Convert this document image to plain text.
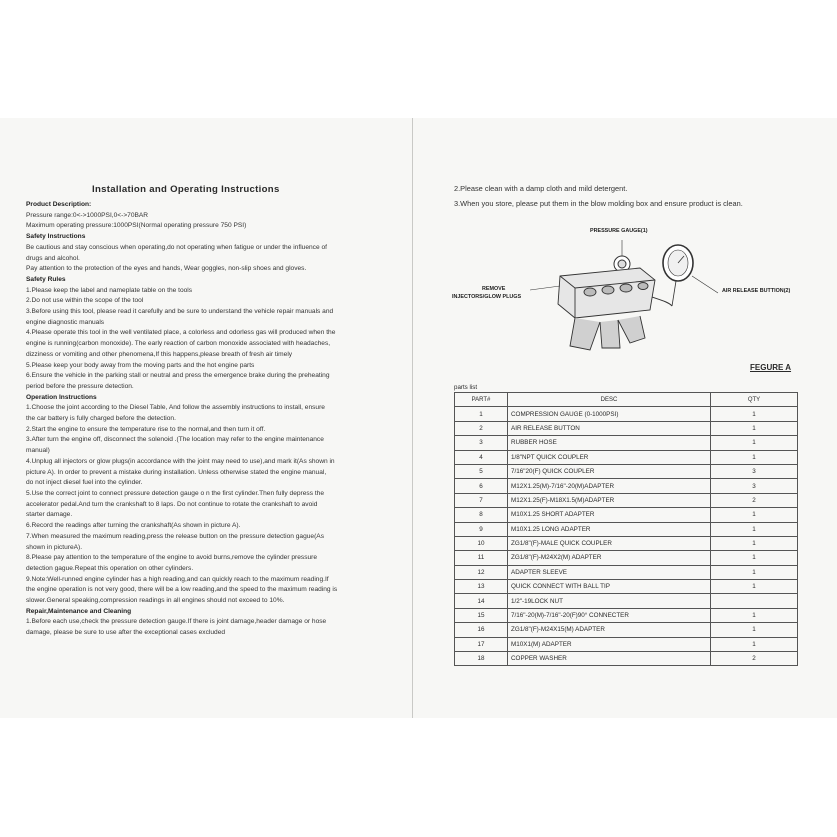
Installation and Operating Instructions
Product Description:
Pressure range:0<->1000PSI,0<->70BAR
Maximum operating pressure:1000PSI(Normal operating pressure 750 PSI)
Safety Instructions
Be cautious and stay conscious when operating,do not operating when fatigue or under the influence of
drugs and alcohol.
Pay attention to the protection of the eyes and hands, Wear goggles, non-slip shoes and gloves.
Safety Rules
1.Please keep the label and nameplate table on the tools
2.Do not use within the scope of the tool
3.Before using this tool, please read it carefully and be sure to understand the vehicle repair manuals and
engine diagnostic manuals
4.Please operate this tool in the well ventilated place, a colorless and odorless gas will produced when the
engine is running(carbon monoxide). The early reaction of carbon monoxide associated with headaches,
dizziness or vomiting and other phenomena,If this happens,please breath of fresh air timely
5.Please keep your body away from the moving parts and the hot engine parts
6.Ensure the vehicle in the parking stall or neutral and press the emergence brake during the preheating
period before the pressure detection.
Operation Instructions
1.Choose the joint according to the Diesel Table, And follow the assembly instructions to install, ensure
the car battery is fully charged before the detection.
2.Start the engine to ensure the temperature rise to the normal,and then turn it off.
3.After turn the engine off, disconnect the solenoid .(The location may refer to the engine maintenance
manual)
4.Unplug all injectors or glow plugs(in accordance with the joint may need to use),and mark it(As shown in
picture A). In order to prevent a mistake during installation. Unless otherwise stated the engine manual,
do not inject diesel fuel into the cylinder.
5.Use the correct joint to connect pressure detection gauge o n the first cylinder.Then fully depress the
accelerator pedal.And turn the crankshaft to 8 laps. Do not continue to rotate the crankshaft to avoid
starter damage.
6.Record the readings after turning the crankshaft(As shown in picture A).
7.When measured the maximum reading,press the release button on the pressure detection gague(As
shown in pictureA).
8.Please pay attention to the temperature of the engine to avoid burns,remove the cylinder pressure
detection gague.Repeat this operation on other cylinders.
9.Note:Well-runned engine cylinder has a high reading,and can quickly reach to the maximum reading.If
the engine operation is not very good, there will be a low reading,and the speed to the maximum reading is
slower.General speaking,compression readings in all engines should not exceed to 10%.
Repair,Maintenance and Cleaning
1.Before each use,check the pressure detection gauge.If there is joint damage,header damage or hose
damage, please be sure to use after the exceptional cases excluded
2.Please clean with a damp cloth and mild detergent.
3.When you store, please put them in the blow molding box and ensure product is clean.
PRESSURE GAUGE(1)
REMOVE
INJECTORS/GLOW PLUGS
AIR RELEASE BUTTION(2)
FEGURE A
parts list
PART#	DESC	QTY
1	COMPRESSION GAUGE (0-1000PSI)	1
2	AIR RELEASE BUTTON	1
3	RUBBER HOSE	1
4	1/8"NPT QUICK COUPLER	1
5	7/16"20(F) QUICK COUPLER	3
6	M12X1.25(M)-7/16"-20(M)ADAPTER	3
7	M12X1.25(F)-M18X1.5(M)ADAPTER	2
8	M10X1.25 SHORT ADAPTER	1
9	M10X1.25 LONG ADAPTER	1
10	ZG1/8"(F)-MALE QUICK COUPLER	1
11	ZG1/8"(F)-M24X2(M) ADAPTER	1
12	ADAPTER SLEEVE	1
13	QUICK CONNECT WITH BALL TIP	1
14	1/2"-19LOCK NUT	
15	7/16"-20(M)-7/16"-20(F)90° CONNECTER	1
16	ZG1/8"(F)-M24X15(M) ADAPTER	1
17	M10X1(M) ADAPTER	1
18	COPPER WASHER	2
